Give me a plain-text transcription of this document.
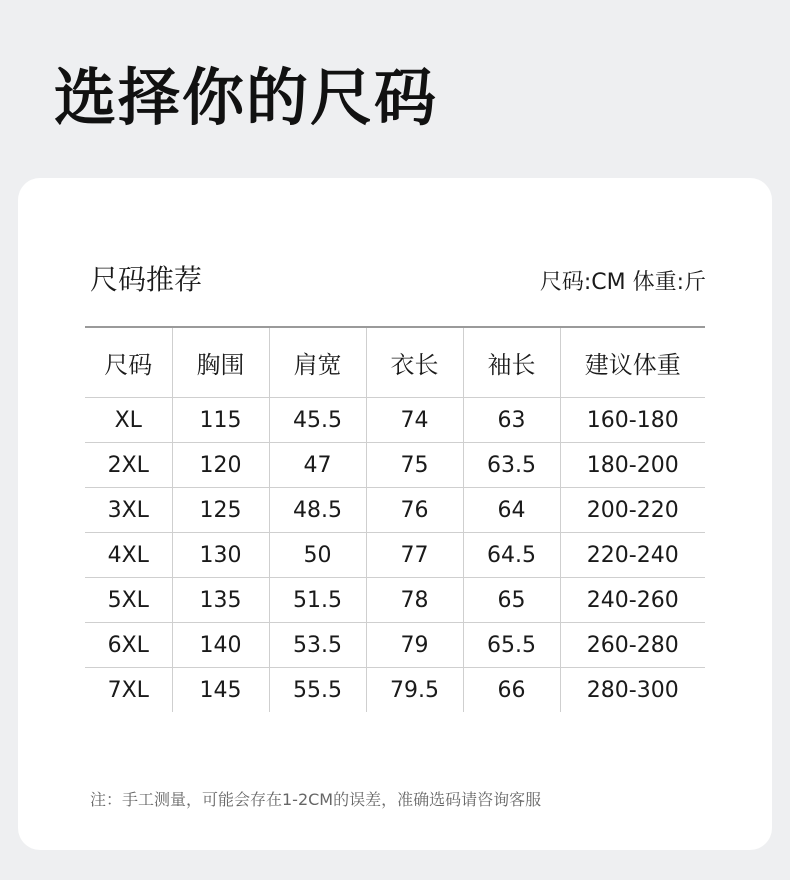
选择你的尺码
尺码推荐	尺码:CM 体重:斤
尺码	胸围	肩宽	衣长	袖长	建议体重
XL	115	45.5	74	63	160-180
2XL	120	47	75	63.5	180-200
3XL	125	48.5	76	64	200-220
4XL	130	50	77	64.5	220-240
5XL	135	51.5	78	65	240-260
6XL	140	53.5	79	65.5	260-280
7XL	145	55.5	79.5	66	280-300
注：手工测量，可能会存在1-2CM的误差，准确选码请咨询客服
